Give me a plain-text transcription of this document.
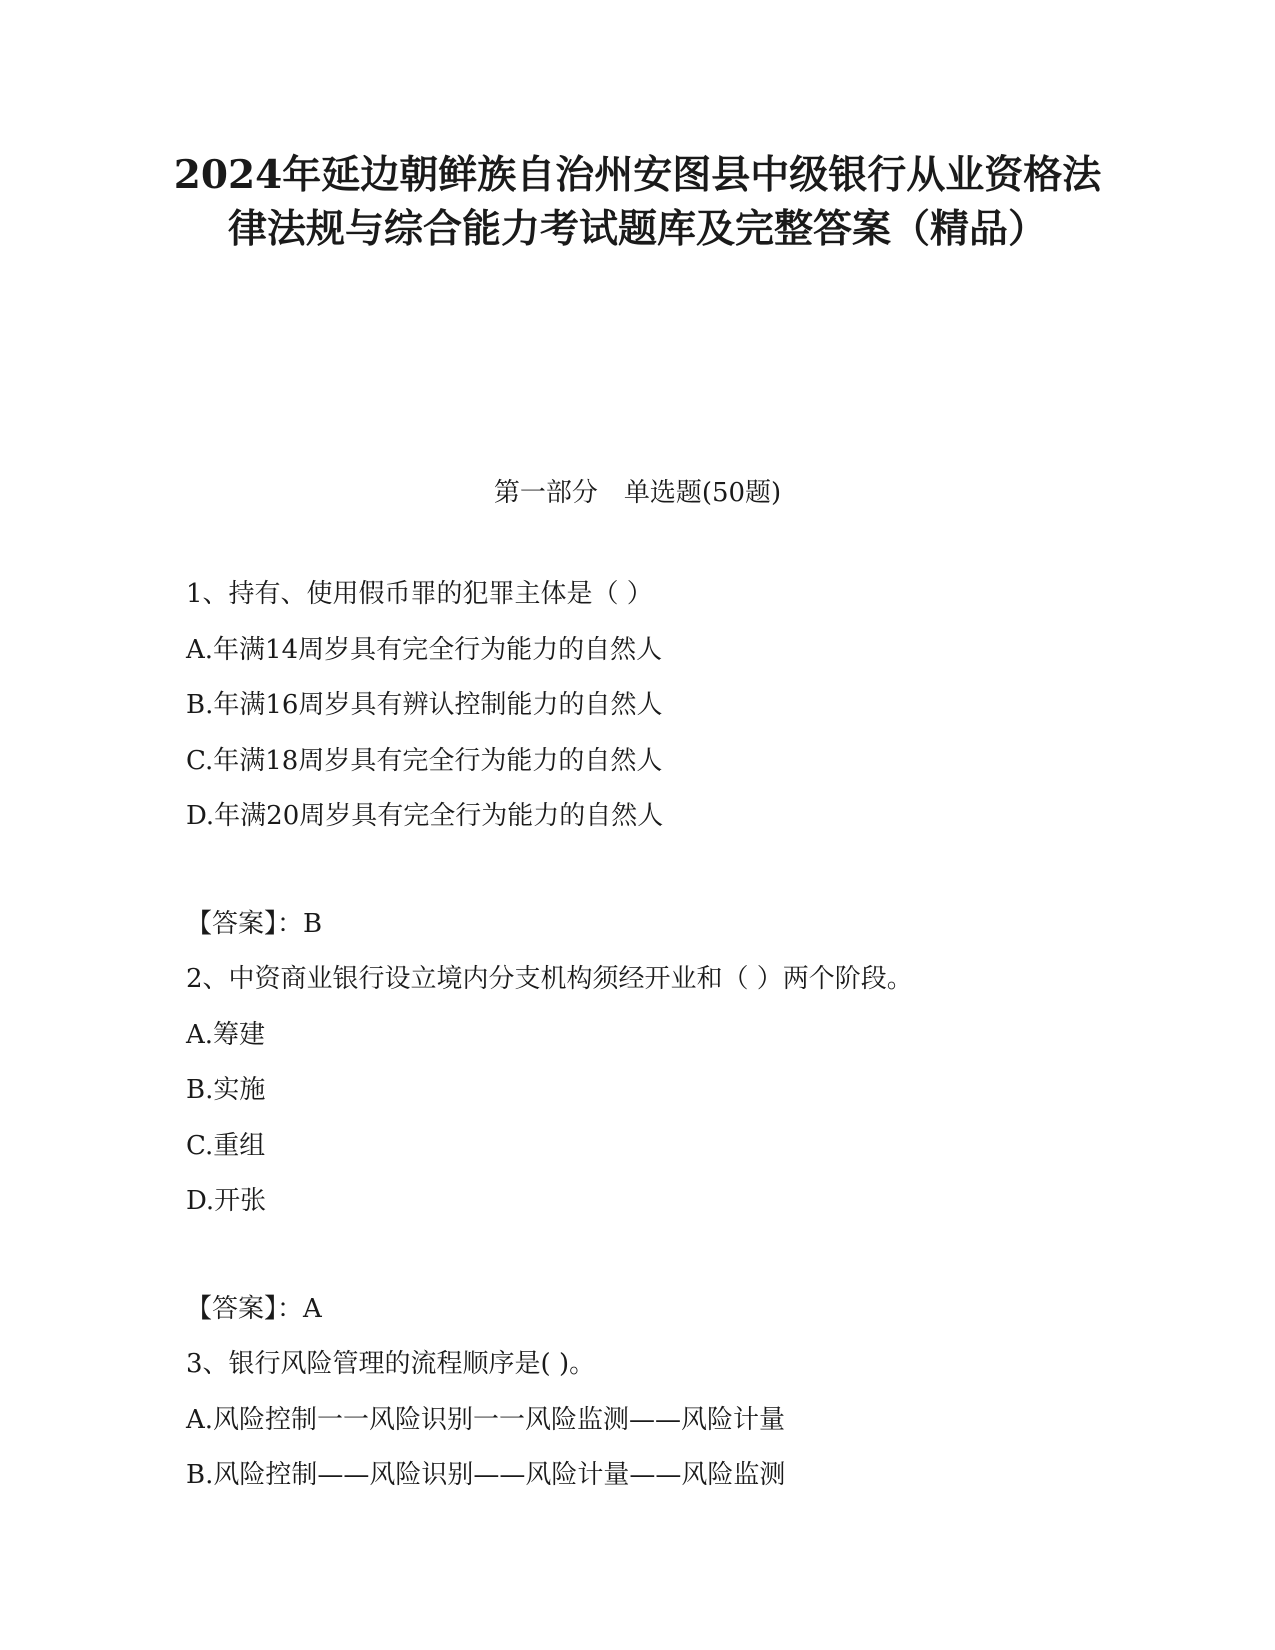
2024年延边朝鲜族自治州安图县中级银行从业资格法律法规与综合能力考试题库及完整答案（精品）
第一部分　单选题(50题)
1、持有、使用假币罪的犯罪主体是（ ）
A.年满14周岁具有完全行为能力的自然人
B.年满16周岁具有辨认控制能力的自然人
C.年满18周岁具有完全行为能力的自然人
D.年满20周岁具有完全行为能力的自然人
【答案】：B
2、中资商业银行设立境内分支机构须经开业和（ ）两个阶段。
A.筹建
B.实施
C.重组
D.开张
【答案】：A
3、银行风险管理的流程顺序是( )。
A.风险控制一一风险识别一一风险监测——风险计量
B.风险控制——风险识别——风险计量——风险监测
